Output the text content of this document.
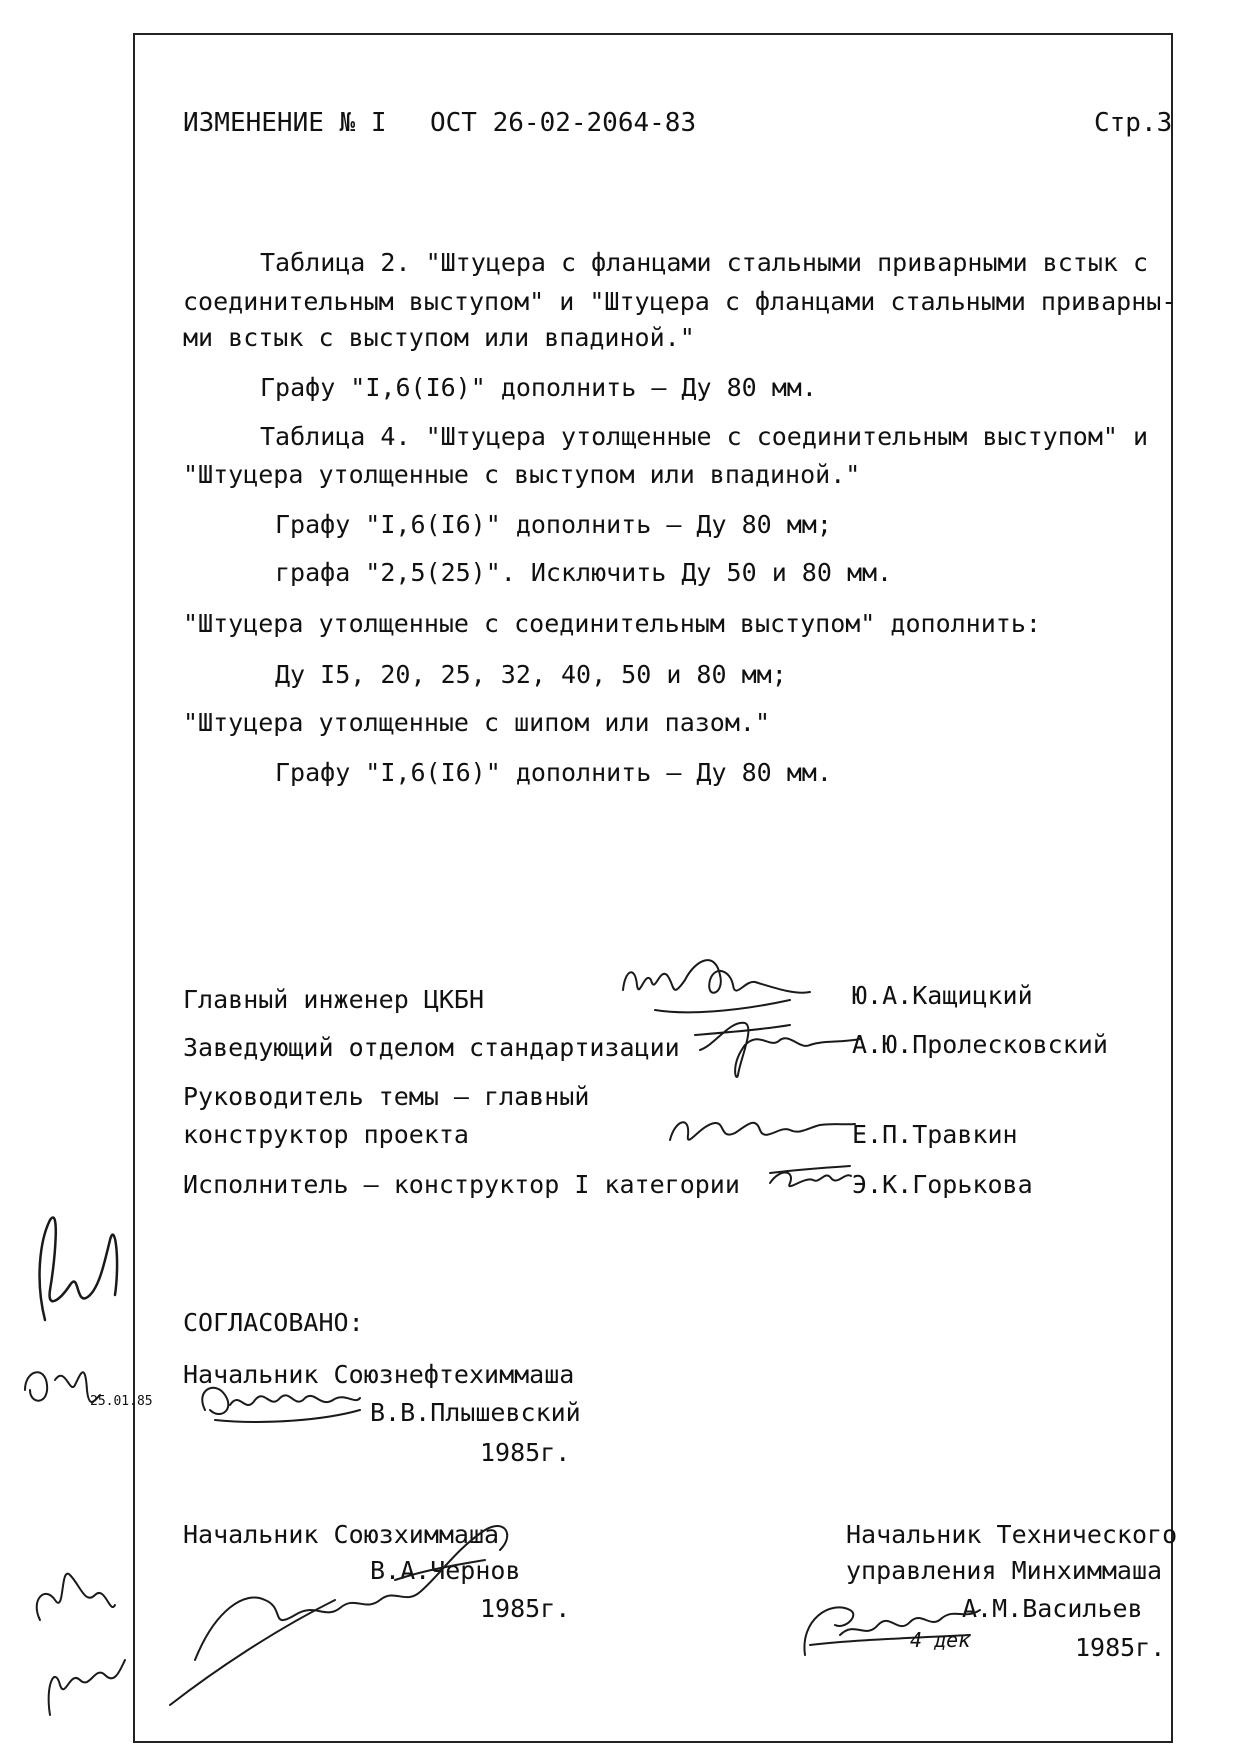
ИЗМЕНЕНИЕ № I ОСТ 26-02-2064-83	Стр.3
Таблица 2. "Штуцера с фланцами стальными приварными встык с
соединительным выступом" и "Штуцера с фланцами стальными приварны-
ми встык с выступом или впадиной."
Графу "I,6(I6)" дополнить – Ду 80 мм.
Таблица 4. "Штуцера утолщенные с соединительным выступом" и
"Штуцера утолщенные с выступом или впадиной."
Графу "I,6(I6)" дополнить – Ду 80 мм;
графа "2,5(25)". Исключить Ду 50 и 80 мм.
"Штуцера утолщенные с соединительным выступом" дополнить:
Ду I5, 20, 25, 32, 40, 50 и 80 мм;
"Штуцера утолщенные с шипом или пазом."
Графу "I,6(I6)" дополнить – Ду 80 мм.
Главный инженер ЦКБН	Ю.А.Кащицкий
Заведующий отделом стандартизации	А.Ю.Пролесковский
Руководитель темы – главный
конструктор проекта	Е.П.Травкин
Исполнитель – конструктор I категории	Э.К.Горькова
СОГЛАСОВАНО:
Начальник Союзнефтехиммаша
В.В.Плышевский
1985г.
Начальник Союзхиммаша
В.А.Чернов
1985г.
Начальник Технического
управления Минхиммаша
А.М.Васильев
1985г.
25.01.85
4 дек
